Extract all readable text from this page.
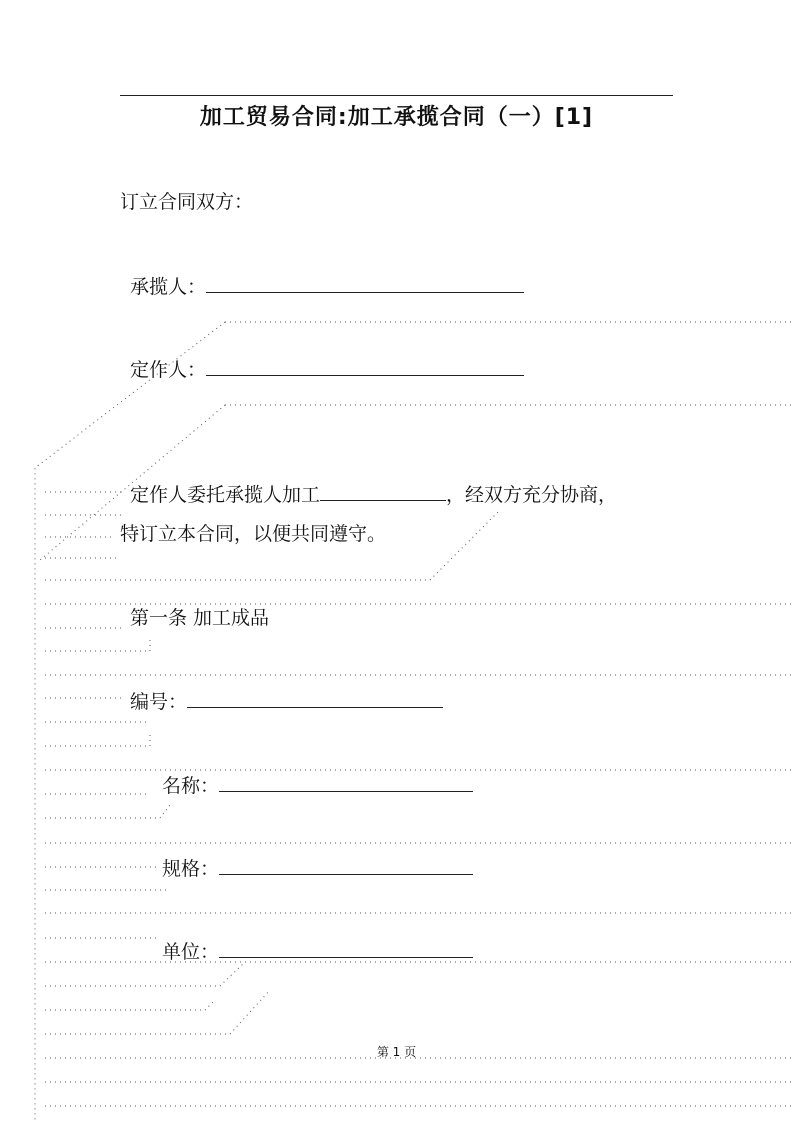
加工贸易合同:加工承揽合同（一）[1]
订立合同双方：
承揽人：
定作人：
定作人委托承揽人加工	，经双方充分协商，
特订立本合同，以便共同遵守。
第一条 加工成品
编号：
名称：
规格：
单位：
第 1 页
